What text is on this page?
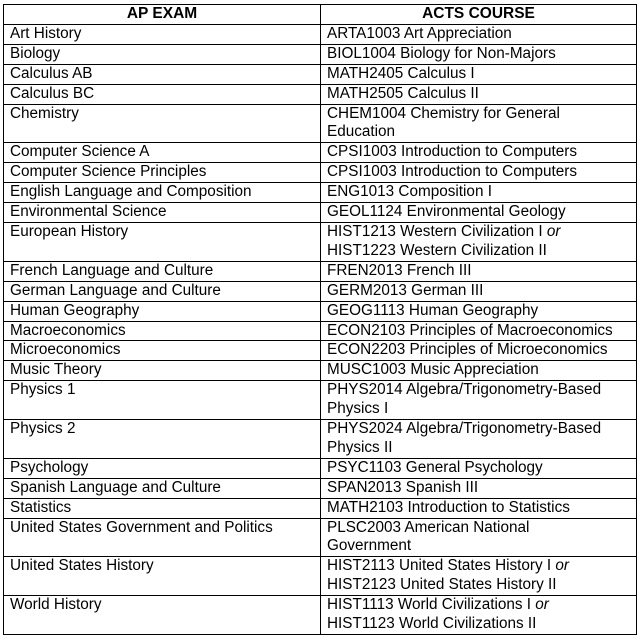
AP EXAM	ACTS COURSE
Art History	ARTA1003 Art Appreciation

Biology	BIOL1004 Biology for Non-Majors

Calculus AB	MATH2405 Calculus I

Calculus BC	MATH2505 Calculus II

Chemistry	CHEM1004 Chemistry for General
Education

Computer Science A	CPSI1003 Introduction to Computers

Computer Science Principles	CPSI1003 Introduction to Computers

English Language and Composition	ENG1013 Composition I

Environmental Science	GEOL1124 Environmental Geology

European History	HIST1213 Western Civilization I or
HIST1223 Western Civilization II

French Language and Culture	FREN2013 French III

German Language and Culture	GERM2013 German III

Human Geography	GEOG1113 Human Geography

Macroeconomics	ECON2103 Principles of Macroeconomics

Microeconomics	ECON2203 Principles of Microeconomics

Music Theory	MUSC1003 Music Appreciation

Physics 1	PHYS2014 Algebra/Trigonometry-Based
Physics I

Physics 2	PHYS2024 Algebra/Trigonometry-Based
Physics II

Psychology	PSYC1103 General Psychology

Spanish Language and Culture	SPAN2013 Spanish III

Statistics	MATH2103 Introduction to Statistics

United States Government and Politics	PLSC2003 American National
Government

United States History	HIST2113 United States History I or
HIST2123 United States History II

World History	HIST1113 World Civilizations I or
HIST1123 World Civilizations II
